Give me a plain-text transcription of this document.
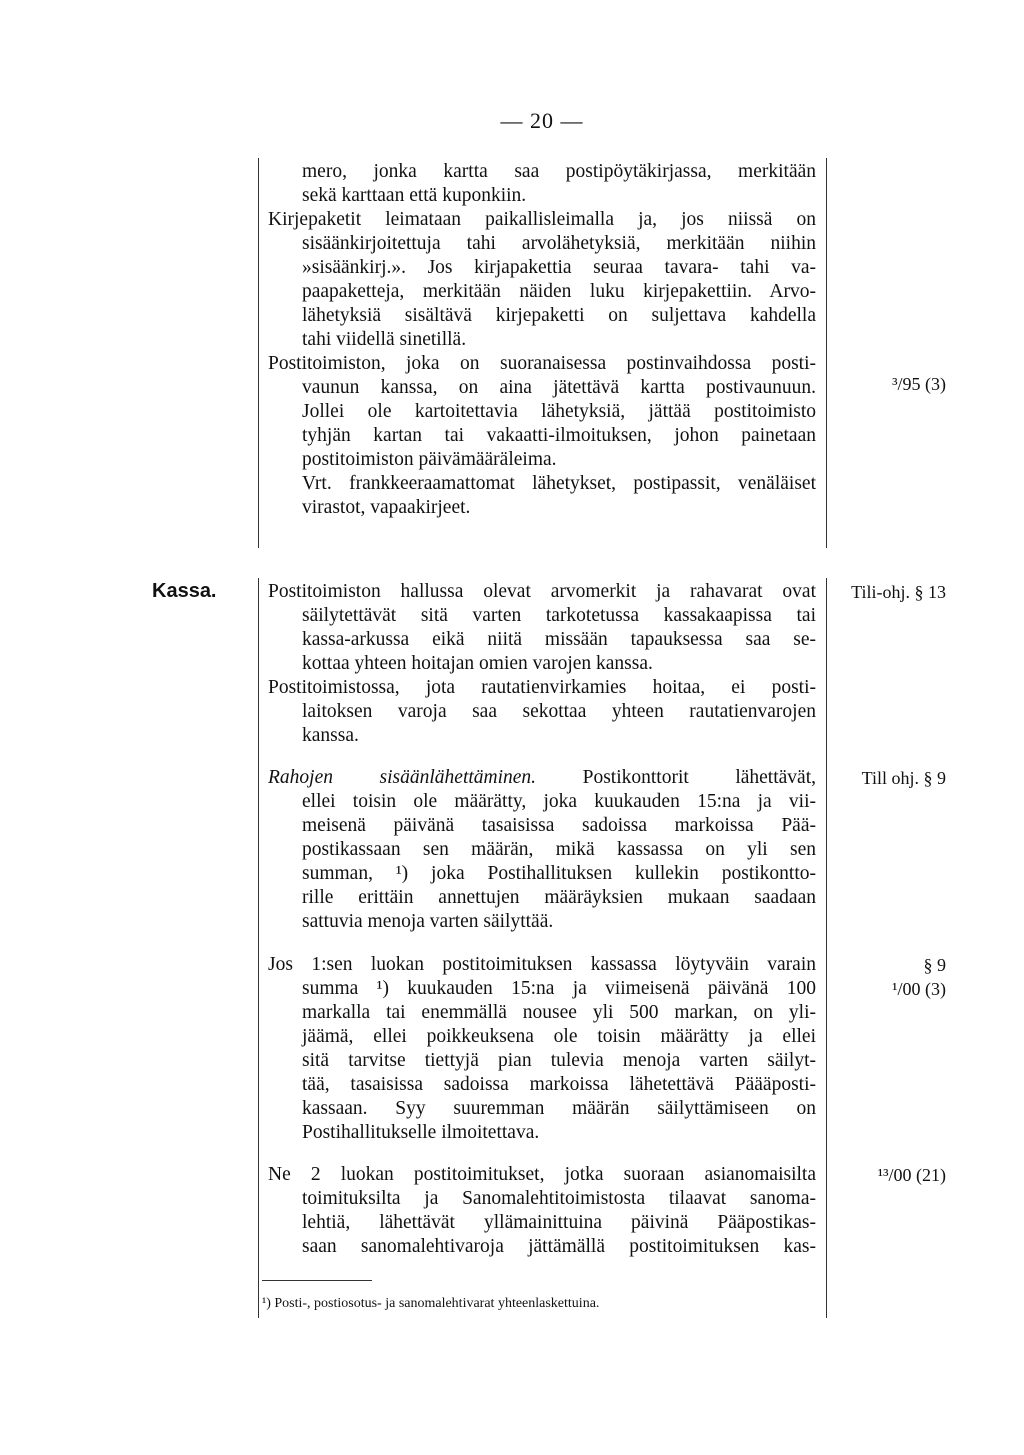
— 20 —
Kassa.
mero, jonka kartta saa postipöytäkirjassa, merkitään
sekä karttaan että kuponkiin.
Kirjepaketit leimataan paikallisleimalla ja, jos niissä on
sisäänkirjoitettuja tahi arvolähetyksiä, merkitään niihin
»sisäänkirj.». Jos kirjapakettia seuraa tavara- tahi va-
paapaketteja, merkitään näiden luku kirjepakettiin. Arvo-
lähetyksiä sisältävä kirjepaketti on suljettava kahdella
tahi viidellä sinetillä.
Postitoimiston, joka on suoranaisessa postinvaihdossa posti-
vaunun kanssa, on aina jätettävä kartta postivaunuun.
Jollei ole kartoitettavia lähetyksiä, jättää postitoimisto
tyhjän kartan tai vakaatti-ilmoituksen, johon painetaan
postitoimiston päivämääräleima.
Vrt. frankkeeraamattomat lähetykset, postipassit, venäläiset
virastot, vapaakirjeet.
Postitoimiston hallussa olevat arvomerkit ja rahavarat ovat
säilytettävät sitä varten tarkotetussa kassakaapissa tai
kassa-arkussa eikä niitä missään tapauksessa saa se-
kottaa yhteen hoitajan omien varojen kanssa.
Postitoimistossa, jota rautatienvirkamies hoitaa, ei posti-
laitoksen varoja saa sekottaa yhteen rautatienvarojen
kanssa.
Rahojen sisäänlähettäminen. Postikonttorit lähettävät,
ellei toisin ole määrätty, joka kuukauden 15:na ja vii-
meisenä päivänä tasaisissa sadoissa markoissa Pää-
postikassaan sen määrän, mikä kassassa on yli sen
summan, ¹) joka Postihallituksen kullekin postikontto-
rille erittäin annettujen määräyksien mukaan saadaan
sattuvia menoja varten säilyttää.
Jos 1:sen luokan postitoimituksen kassassa löytyväin varain
summa ¹) kuukauden 15:na ja viimeisenä päivänä 100
markalla tai enemmällä nousee yli 500 markan, on yli-
jäämä, ellei poikkeuksena ole toisin määrätty ja ellei
sitä tarvitse tiettyjä pian tulevia menoja varten säilyt-
tää, tasaisissa sadoissa markoissa lähetettävä Päääposti-
kassaan. Syy suuremman määrän säilyttämiseen on
Postihallitukselle ilmoitettava.
Ne 2 luokan postitoimitukset, jotka suoraan asianomaisilta
toimituksilta ja Sanomalehtitoimistosta tilaavat sanoma-
lehtiä, lähettävät yllämainittuina päivinä Pääpostikas-
saan sanomalehtivaroja jättämällä postitoimituksen kas-
³/95 (3)
Tili-ohj. § 13
Till ohj. § 9
§ 9
¹/00 (3)
¹³/00 (21)
¹) Posti-, postiosotus- ja sanomalehtivarat yhteenlaskettuina.
